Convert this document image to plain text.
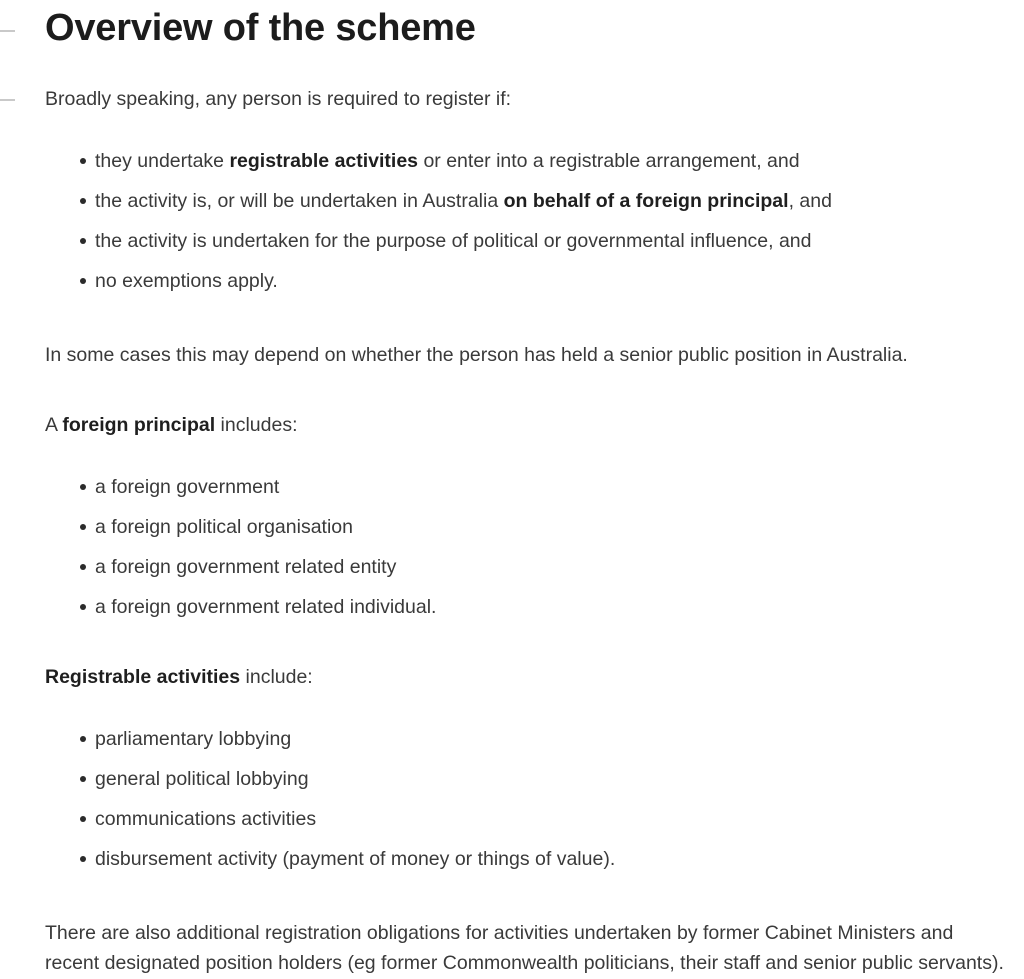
Overview of the scheme

Broadly speaking, any person is required to register if:

they undertake registrable activities or enter into a registrable arrangement, and
the activity is, or will be undertaken in Australia on behalf of a foreign principal, and
the activity is undertaken for the purpose of political or governmental influence, and
no exemptions apply.

In some cases this may depend on whether the person has held a senior public position in Australia.

A foreign principal includes:

a foreign government
a foreign political organisation
a foreign government related entity
a foreign government related individual.

Registrable activities include:

parliamentary lobbying
general political lobbying
communications activities
disbursement activity (payment of money or things of value).

There are also additional registration obligations for activities undertaken by former Cabinet Ministers and recent designated position holders (eg former Commonwealth politicians, their staff and senior public servants).
